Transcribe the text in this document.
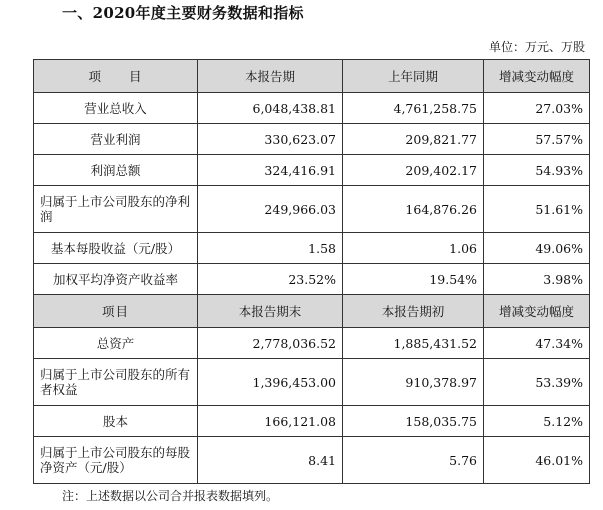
一、2020年度主要财务数据和指标
单位：万元、万股
项　　目	本报告期	上年同期	增减变动幅度
营业总收入	6,048,438.81	4,761,258.75	27.03%
营业利润	330,623.07	209,821.77	57.57%
利润总额	324,416.91	209,402.17	54.93%
归属于上市公司股东的净利润	249,966.03	164,876.26	51.61%
基本每股收益（元/股）	1.58	1.06	49.06%
加权平均净资产收益率	23.52%	19.54%	3.98%
项目	本报告期末	本报告期初	增减变动幅度
总资产	2,778,036.52	1,885,431.52	47.34%
归属于上市公司股东的所有者权益	1,396,453.00	910,378.97	53.39%
股本	166,121.08	158,035.75	5.12%
归属于上市公司股东的每股净资产（元/股）	8.41	5.76	46.01%
注：上述数据以公司合并报表数据填列。
